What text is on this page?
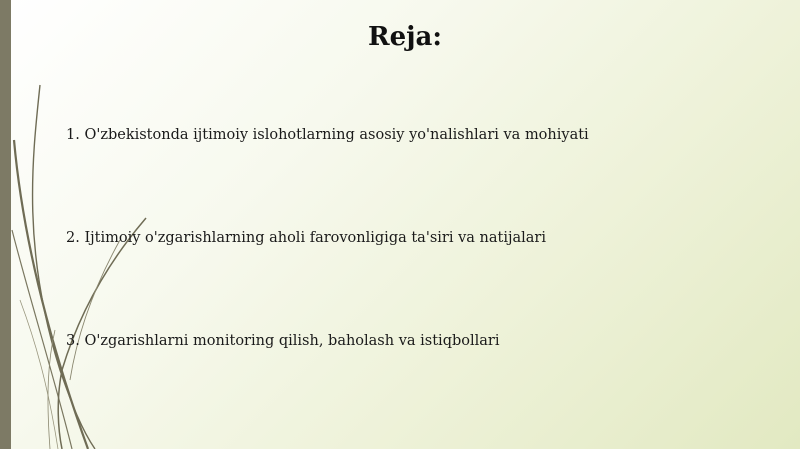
Reja:
1. O'zbekistonda ijtimoiy islohotlarning asosiy yo'nalishlari va mohiyati
2. Ijtimoiy o'zgarishlarning aholi farovonligiga ta'siri va natijalari
3. O'zgarishlarni monitoring qilish, baholash va istiqbollari
